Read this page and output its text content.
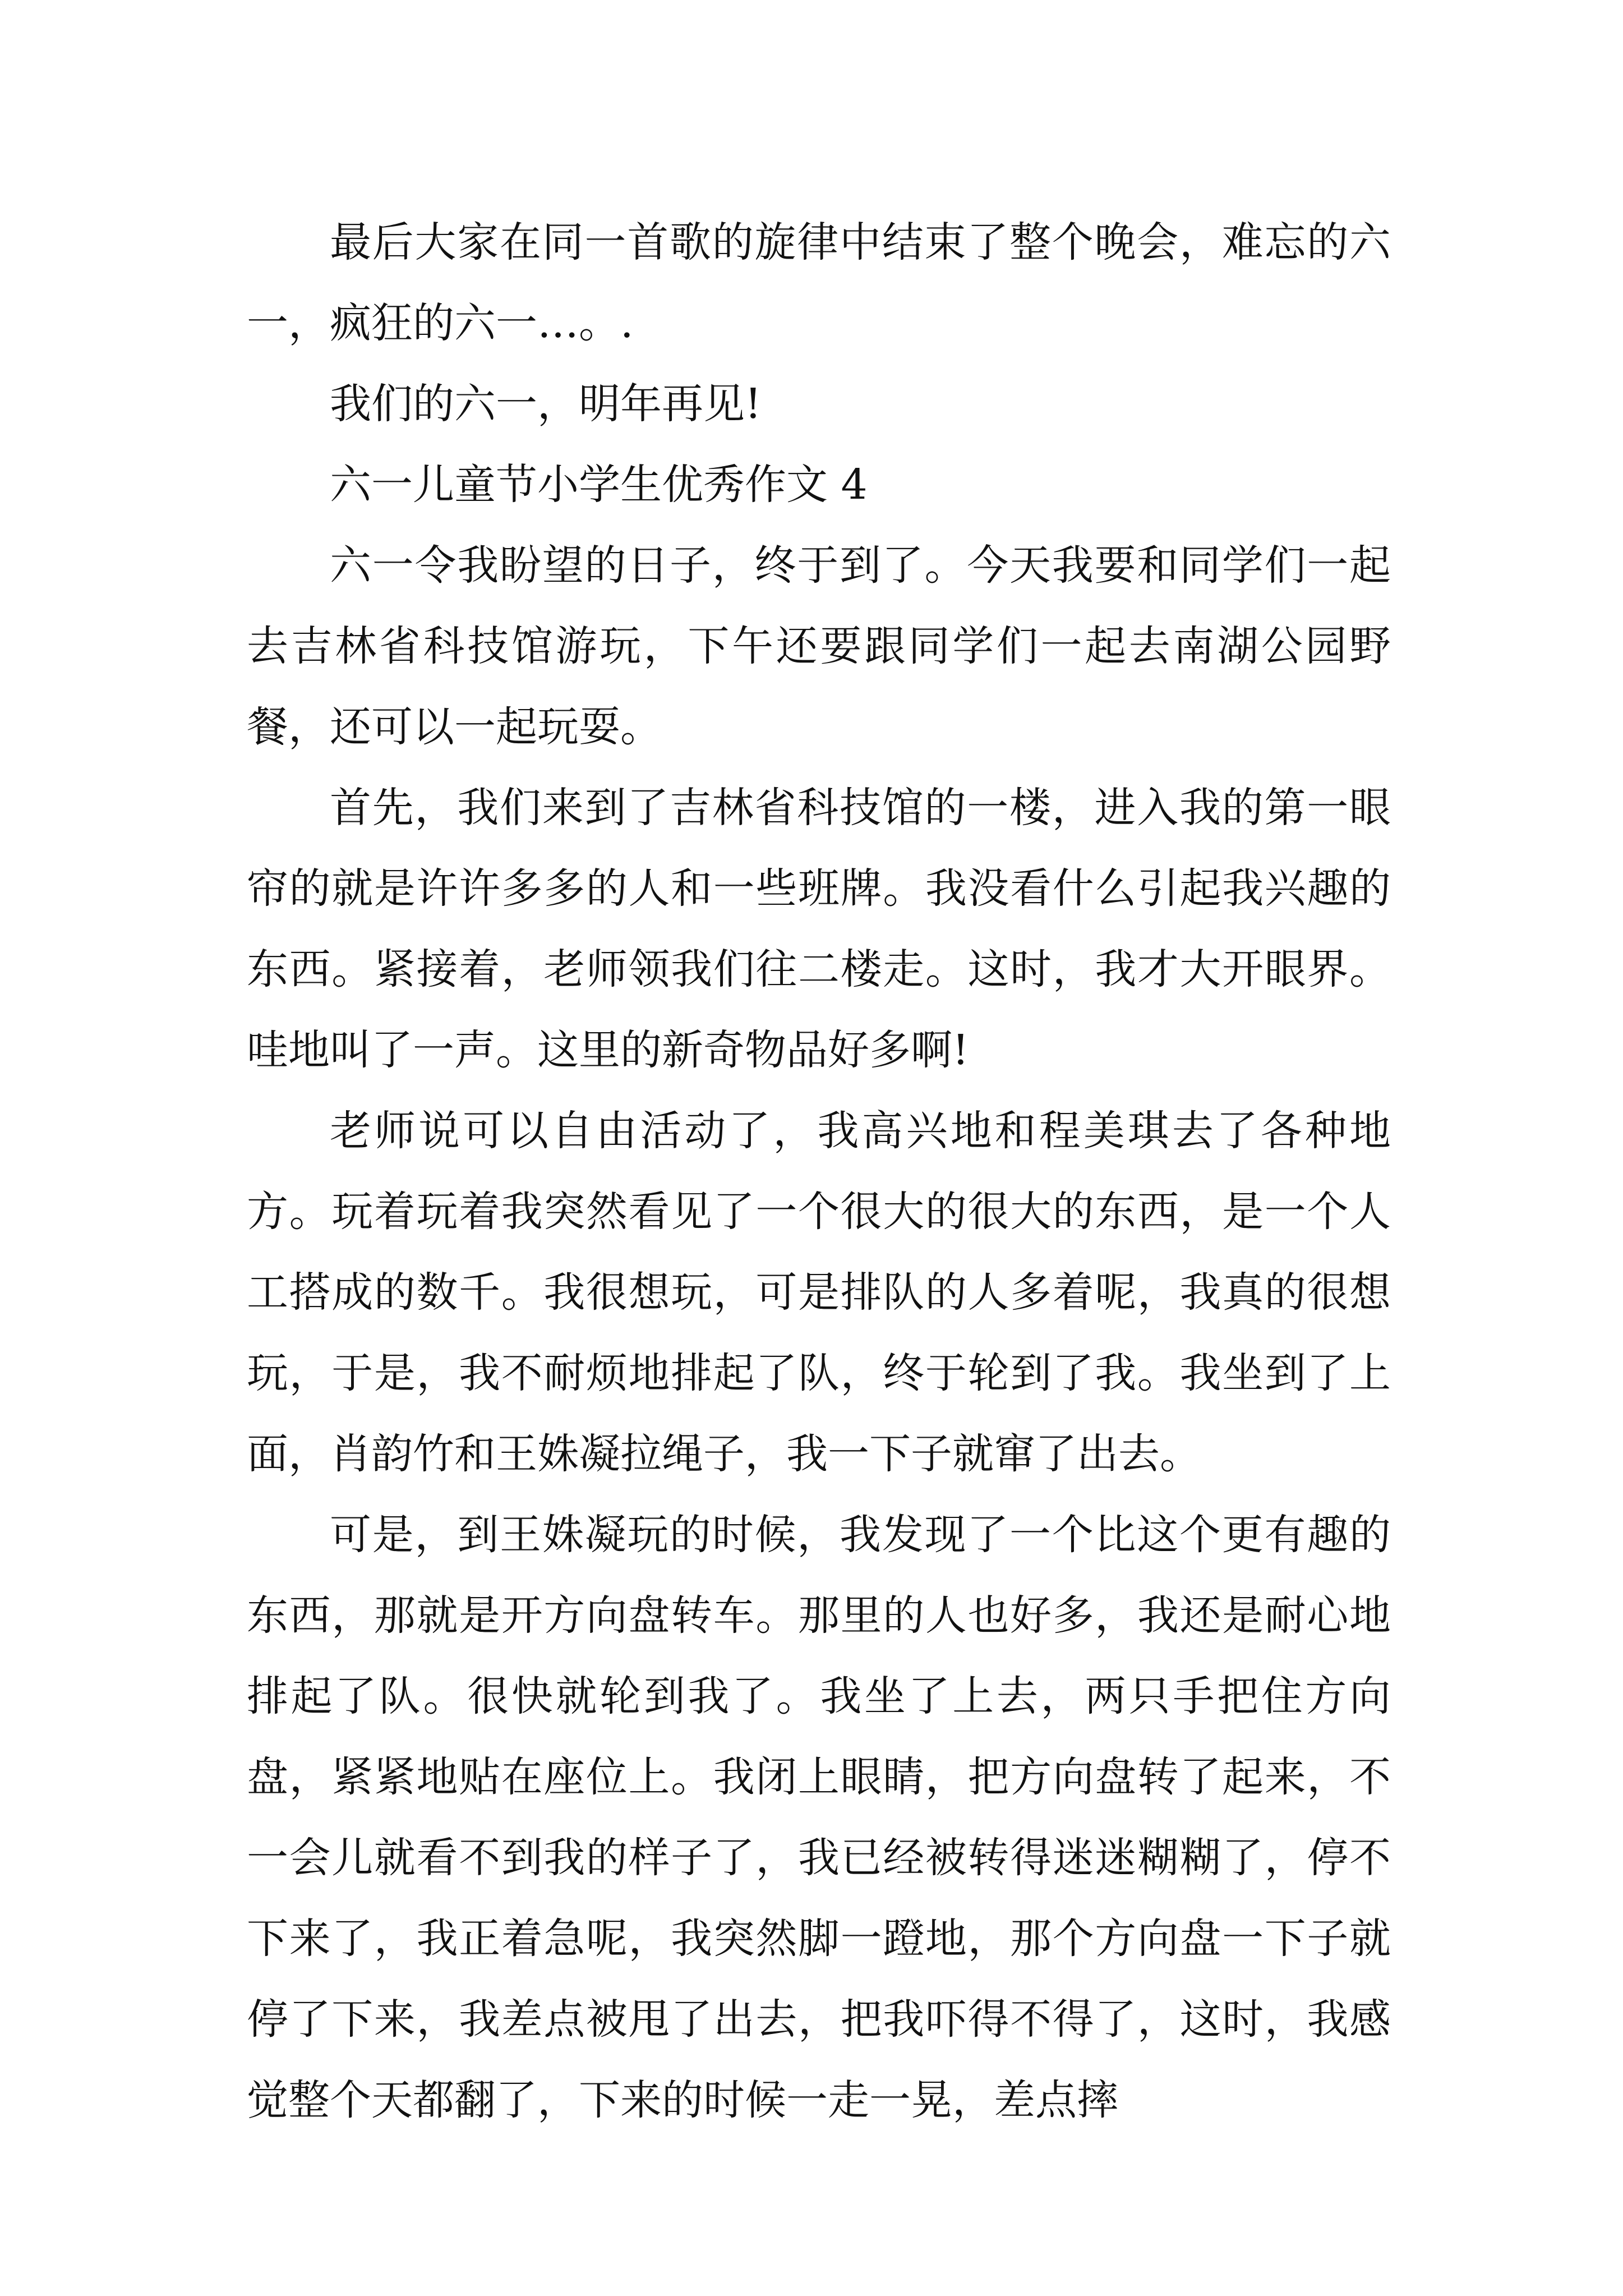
最后大家在同一首歌的旋律中结束了整个晚会，难忘的六一，疯狂的六一…。.

我们的六一，明年再见!

六一儿童节小学生优秀作文 4

六一令我盼望的日子，终于到了。今天我要和同学们一起去吉林省科技馆游玩，下午还要跟同学们一起去南湖公园野餐，还可以一起玩耍。

首先，我们来到了吉林省科技馆的一楼，进入我的第一眼帘的就是许许多多的人和一些班牌。我没看什么引起我兴趣的东西。紧接着，老师领我们往二楼走。这时，我才大开眼界。哇地叫了一声。这里的新奇物品好多啊!

老师说可以自由活动了，我高兴地和程美琪去了各种地方。玩着玩着我突然看见了一个很大的很大的东西，是一个人工搭成的数千。我很想玩，可是排队的人多着呢，我真的很想玩，于是，我不耐烦地排起了队，终于轮到了我。我坐到了上面，肖韵竹和王姝凝拉绳子，我一下子就窜了出去。

可是，到王姝凝玩的时候，我发现了一个比这个更有趣的东西，那就是开方向盘转车。那里的人也好多，我还是耐心地排起了队。很快就轮到我了。我坐了上去，两只手把住方向盘，紧紧地贴在座位上。我闭上眼睛，把方向盘转了起来，不一会儿就看不到我的样子了，我已经被转得迷迷糊糊了，停不下来了，我正着急呢，我突然脚一蹬地，那个方向盘一下子就停了下来，我差点被甩了出去，把我吓得不得了，这时，我感觉整个天都翻了，下来的时候一走一晃，差点摔
